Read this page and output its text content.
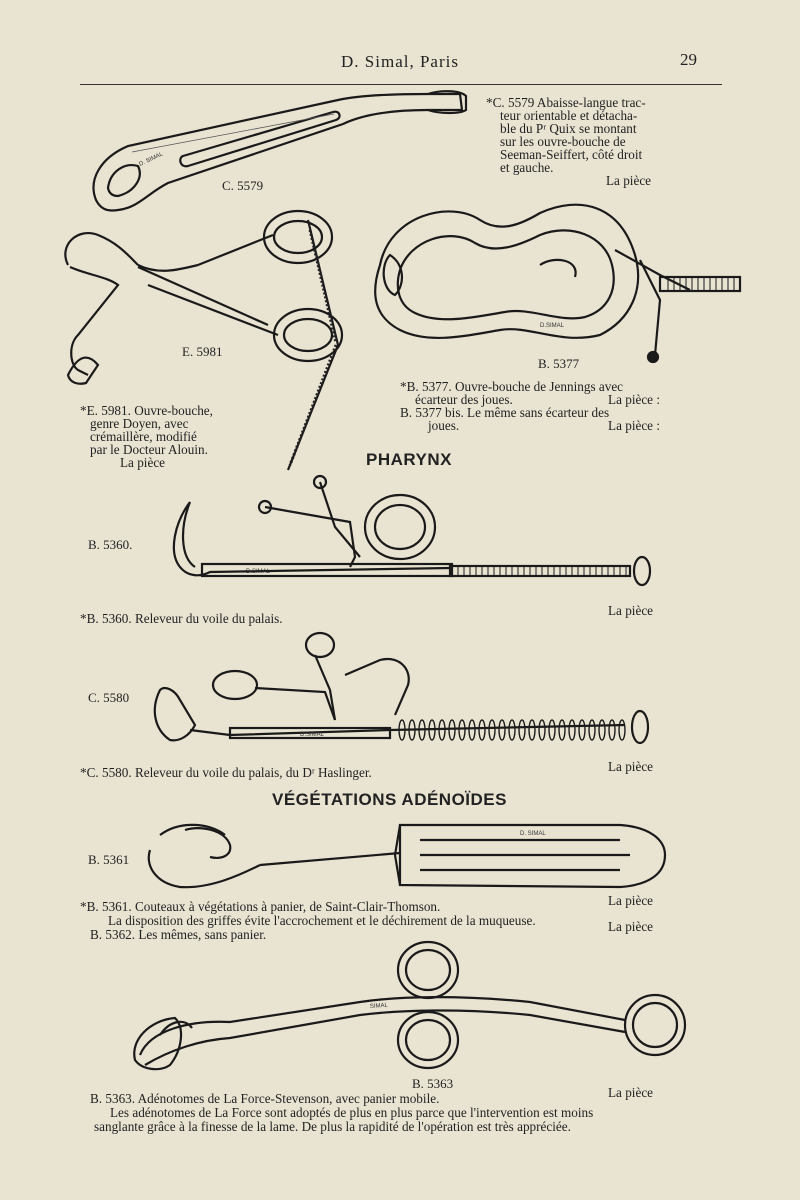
D. Simal, Paris	29
D. SIMAL
C. 5579
*C. 5579 Abaisse-langue trac-
teur orientable et détacha-
ble du Pʳ Quix se montant
sur les ouvre-bouche de
Seeman-Seiffert, côté droit
et gauche.
La pièce
E. 5981
*E. 5981. Ouvre-bouche,
genre Doyen, avec
crémaillère, modifié
par le Docteur Alouin.
La pièce
D.SIMAL
B. 5377
*B. 5377. Ouvre-bouche de Jennings avec
écarteur des joues.	La pièce :
B. 5377 bis. Le même sans écarteur des
joues.	La pièce :
PHARYNX
D.SIMAL
B. 5360.
*B. 5360. Releveur du voile du palais.
La pièce
D.SIMAL
C. 5580
*C. 5580. Releveur du voile du palais, du Dʳ Haslinger.	La pièce
VÉGÉTATIONS ADÉNOÏDES
D. SIMAL
B. 5361
*B. 5361. Couteaux à végétations à panier, de Saint-Clair-Thomson.	La pièce
La disposition des griffes évite l'accrochement et le déchirement de la muqueuse.
B. 5362. Les mêmes, sans panier.
La pièce
SIMAL
B. 5363
B. 5363. Adénotomes de La Force-Stevenson, avec panier mobile.	La pièce
Les adénotomes de La Force sont adoptés de plus en plus parce que l'intervention est moins
sanglante grâce à la finesse de la lame. De plus la rapidité de l'opération est très appréciée.
